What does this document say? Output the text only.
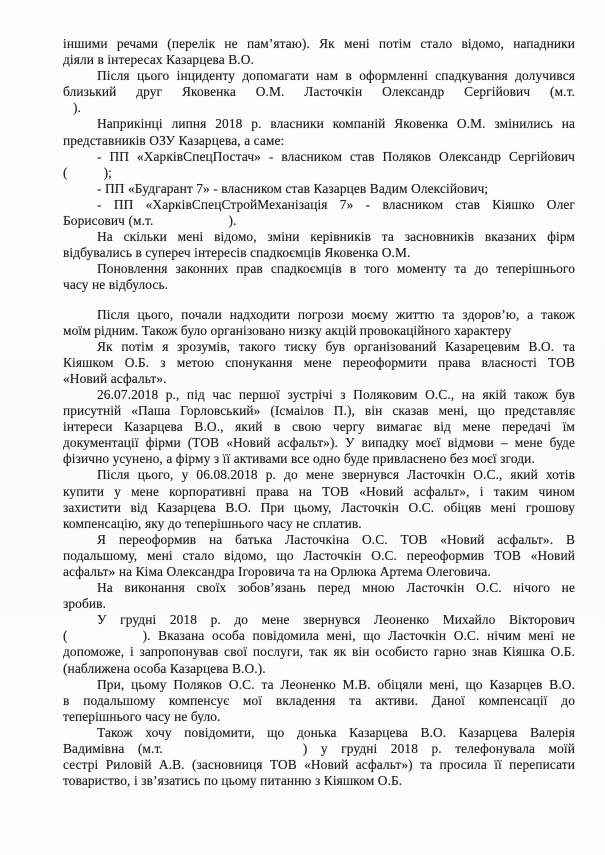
іншими речами (перелік не пам’ятаю). Як мені потім стало відомо, нападники
діяли в інтересах Казарцева В.О.
Після цього інциденту допомагати нам в оформленні спадкування долучився
близький друг Яковенка О.М. Ласточкін Олександр Сергійович (м.т.
).
Наприкінці липня 2018 р. власники компаній Яковенка О.М. змінились на
представників ОЗУ Казарцева, а саме:
- ПП «ХарківСпецПостач» - власником став Поляков Олександр Сергійович
(	);
- ПП «Будгарант 7» - власником став Казарцев Вадим Олексійович;
- ПП «ХарківСпецСтройМеханізація 7» - власником став Кіяшко Олег
Борисович (м.т.	).
На скільки мені відомо, зміни керівників та засновників вказаних фірм
відбувались в супереч інтересів спадкоємців Яковенка О.М.
Поновлення законних прав спадкоємців в того моменту та до теперішнього
часу не відбулось.
Після цього, почали надходити погрози моєму життю та здоров’ю, а також
моїм рідним. Також було організовано низку акцій провокаційного характеру
Як потім я зрозумів, такого тиску був організований Казарецевим В.О. та
Кіяшком О.Б. з метою спонукання мене переоформити права власності ТОВ
«Новий асфальт».
26.07.2018 р., під час першої зустрічі з Поляковим О.С., на якій також був
присутній «Паша Горловський» (Ісмаілов П.), він сказав мені, що представляє
інтереси Казарцева В.О., який в свою чергу вимагає від мене передачі їм
документації фірми (ТОВ «Новий асфальт»). У випадку моєї відмови – мене буде
фізично усунено, а фірму з її активами все одно буде привласнено без моєї згоди.
Після цього, у 06.08.2018 р. до мене звернувся Ласточкін О.С., який хотів
купити у мене корпоративні права на ТОВ «Новий асфальт», і таким чином
захистити від Казарцева В.О. При цьому, Ласточкін О.С. обіцяв мені грошову
компенсацію, яку до теперішнього часу не сплатив.
Я переоформив на батька Ласточкіна О.С. ТОВ «Новий асфальт». В
подальшому, мені стало відомо, що Ласточкін О.С. переоформив ТОВ «Новий
асфальт» на Кіма Олександра Ігоровича та на Орлюка Артема Олеговича.
На виконання своїх зобов’язань перед мною Ласточкін О.С. нічого не
зробив.
У грудні 2018 р. до мене звернувся Леоненко Михайло Вікторович
(	). Вказана особа повідомила мені, що Ласточкін О.С. нічим мені не
допоможе, і запропонував свої послуги, так як він особисто гарно знав Кіяшка О.Б.
(наближена особа Казарцева В.О.).
При, цьому Поляков О.С. та Леоненко М.В. обіцяли мені, що Казарцев В.О.
в подальшому компенсує мої вкладення та активи. Даної компенсації до
теперішнього часу не було.
Також хочу повідомити, що донька Казарцева В.О. Казарцева Валерія
Вадимівна (м.т.	) у грудні 2018 р. телефонувала моїй
сестрі Риловій А.В. (засновниця ТОВ «Новий асфальт») та просила її переписати
товариство, і зв’язатись по цьому питанню з Кіяшком О.Б.
